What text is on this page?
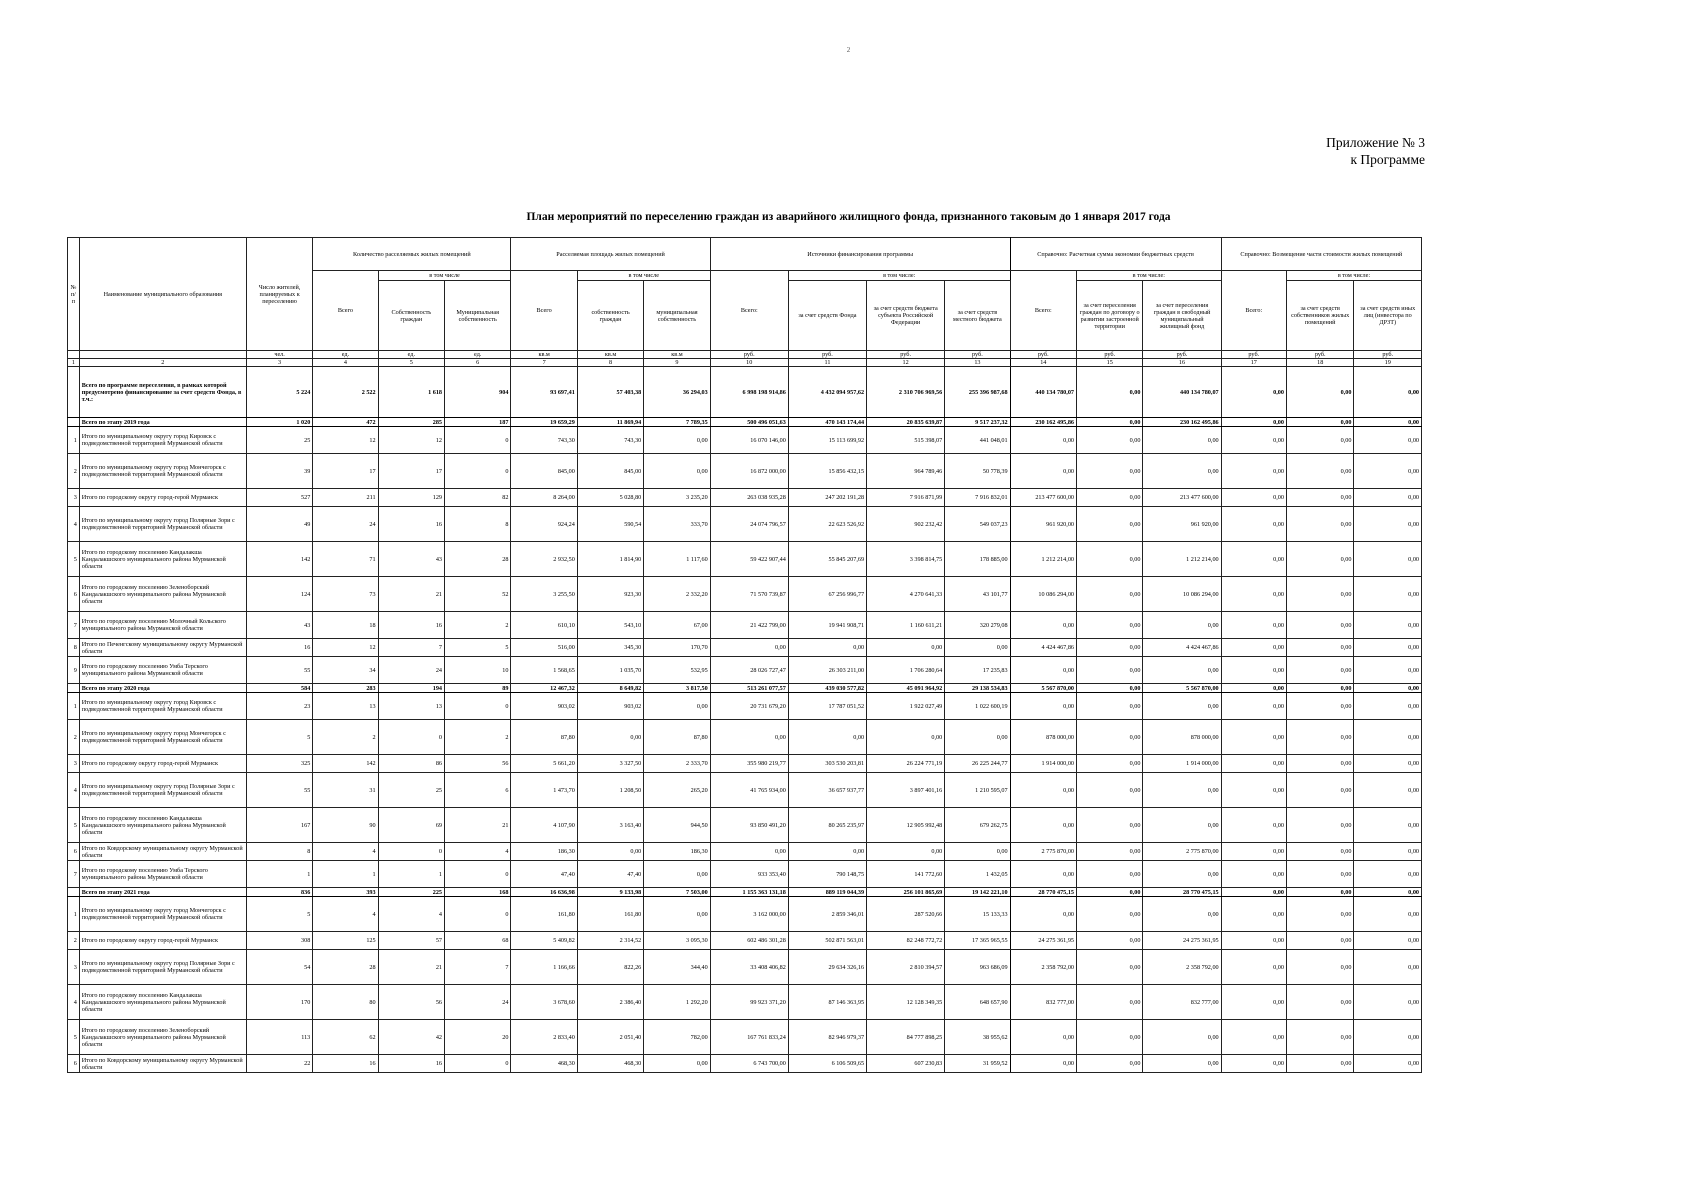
2
Приложение № 3
к Программе
План мероприятий по переселению граждан из аварийного жилищного фонда, признанного таковым до 1 января 2017 года
№ п/ п	Наименование муниципального образования	Число жителей, планируемых к переселению	Количество расселяемых жилых помещений			Расселяемая площадь жилых помещений			Источники финансирования программы				Справочно: Расчетная сумма экономии бюджетных средств			Справочно: Возмещение части стоимости жилых помещений		
			Всего	в том числе		Всего	в том числе		Всего:	в том числе:			Всего:	в том числе:		Всего:	в том числе:	
				Собственность граждан	Муниципальная собственность		собственность граждан	муниципальная собственность		за счет средств Фонда	за счет средств бюджета субъекта Российской Федерации	за счет средств местного бюджета		за счет переселения граждан по договору о развитии застроенной территории	за счет переселения граждан в свободный муниципальный жилищный фонд		за счет средств собственников жилых помещений	за счет средств иных лиц (инвестора по ДРЗТ)
		чел.	ед.	ед.	ед.	кв.м	кв.м	кв.м	руб.	руб.	руб.	руб.	руб.	руб.	руб.	руб.	руб.	руб.
1	2	3	4	5	6	7	8	9	10	11	12	13	14	15	16	17	18	19
	Всего по программе переселения, в рамках которой предусмотрено финансирование за счет средств Фонда, в т.ч.:	5 224	2 522	1 618	904	93 697,41	57 403,38	36 294,03	6 998 198 914,86	4 432 094 957,62	2 310 706 969,56	255 396 987,68	440 134 780,07	0,00	440 134 780,07	0,00	0,00	0,00
	Всего по этапу 2019 года	1 020	472	285	187	19 659,29	11 869,94	7 789,35	500 496 051,63	470 143 174,44	20 835 639,87	9 517 237,32	230 162 495,86	0,00	230 162 495,86	0,00	0,00	0,00
1	Итого по муниципальному округу город Кировск с подведомственной территорией Мурманской области	25	12	12	0	743,30	743,30	0,00	16 070 146,00	15 113 699,92	515 398,07	441 048,01	0,00	0,00	0,00	0,00	0,00	0,00
2	Итого по муниципальному округу город Мончегорск с подведомственной территорией Мурманской области	39	17	17	0	845,00	845,00	0,00	16 872 000,00	15 856 432,15	964 789,46	50 778,39	0,00	0,00	0,00	0,00	0,00	0,00
3	Итого по городскому округу город-герой Мурманск	527	211	129	82	8 264,00	5 028,80	3 235,20	263 038 935,28	247 202 191,28	7 916 871,99	7 916 832,01	213 477 600,00	0,00	213 477 600,00	0,00	0,00	0,00
4	Итого по муниципальному округу город Полярные Зори с подведомственной территорией Мурманской области	49	24	16	8	924,24	590,54	333,70	24 074 796,57	22 623 526,92	902 232,42	549 037,23	961 920,00	0,00	961 920,00	0,00	0,00	0,00
5	Итого по городскому поселению Кандалакша Кандалакшского муниципального района Мурманской области	142	71	43	28	2 932,50	1 814,90	1 117,60	59 422 907,44	55 845 207,69	3 398 814,75	178 885,00	1 212 214,00	0,00	1 212 214,00	0,00	0,00	0,00
6	Итого по городскому поселению Зеленоборский Кандалакшского муниципального района Мурманской области	124	73	21	52	3 255,50	923,30	2 332,20	71 570 739,87	67 256 996,77	4 270 641,33	43 101,77	10 086 294,00	0,00	10 086 294,00	0,00	0,00	0,00
7	Итого по городскому поселению Молочный Кольского муниципального района Мурманской области	43	18	16	2	610,10	543,10	67,00	21 422 799,00	19 941 908,71	1 160 611,21	320 279,08	0,00	0,00	0,00	0,00	0,00	0,00
8	Итого по Печенгскому муниципальному округу Мурманской области	16	12	7	5	516,00	345,30	170,70	0,00	0,00	0,00	0,00	4 424 467,86	0,00	4 424 467,86	0,00	0,00	0,00
9	Итого по городскому поселению Умба Терского муниципального района Мурманской области	55	34	24	10	1 568,65	1 035,70	532,95	28 026 727,47	26 303 211,00	1 706 280,64	17 235,83	0,00	0,00	0,00	0,00	0,00	0,00
	Всего по этапу 2020 года	584	283	194	89	12 467,32	8 649,82	3 817,50	513 261 077,57	439 030 577,82	45 091 964,92	29 138 534,83	5 567 870,00	0,00	5 567 870,00	0,00	0,00	0,00
1	Итого по муниципальному округу город Кировск с подведомственной территорией Мурманской области	23	13	13	0	903,02	903,02	0,00	20 731 679,20	17 787 051,52	1 922 027,49	1 022 600,19	0,00	0,00	0,00	0,00	0,00	0,00
2	Итого по муниципальному округу город Мончегорск с подведомственной территорией Мурманской области	5	2	0	2	87,80	0,00	87,80	0,00	0,00	0,00	0,00	878 000,00	0,00	878 000,00	0,00	0,00	0,00
3	Итого по городскому округу город-герой Мурманск	325	142	86	56	5 661,20	3 327,50	2 333,70	355 980 219,77	303 530 203,81	26 224 771,19	26 225 244,77	1 914 000,00	0,00	1 914 000,00	0,00	0,00	0,00
4	Итого по муниципальному округу город Полярные Зори с подведомственной территорией Мурманской области	55	31	25	6	1 473,70	1 208,50	265,20	41 765 934,00	36 657 937,77	3 897 401,16	1 210 595,07	0,00	0,00	0,00	0,00	0,00	0,00
5	Итого по городскому поселению Кандалакша Кандалакшского муниципального района Мурманской области	167	90	69	21	4 107,90	3 163,40	944,50	93 850 491,20	80 265 235,97	12 905 992,48	679 262,75	0,00	0,00	0,00	0,00	0,00	0,00
6	Итого по Ковдорскому муниципальному округу Мурманской области	8	4	0	4	186,30	0,00	186,30	0,00	0,00	0,00	0,00	2 775 870,00	0,00	2 775 870,00	0,00	0,00	0,00
7	Итого по городскому поселению Умба Терского муниципального района Мурманской области	1	1	1	0	47,40	47,40	0,00	933 353,40	790 148,75	141 772,60	1 432,05	0,00	0,00	0,00	0,00	0,00	0,00
	Всего по этапу 2021 года	836	393	225	168	16 636,98	9 133,98	7 503,00	1 155 363 131,18	889 119 044,39	256 101 865,69	19 142 221,10	28 770 475,15	0,00	28 770 475,15	0,00	0,00	0,00
1	Итого по муниципальному округу город Мончегорск с подведомственной территорией Мурманской области	5	4	4	0	161,80	161,80	0,00	3 162 000,00	2 859 346,01	287 520,66	15 133,33	0,00	0,00	0,00	0,00	0,00	0,00
2	Итого по городскому округу город-герой Мурманск	308	125	57	68	5 409,82	2 314,52	3 095,30	602 486 301,28	502 871 563,01	82 248 772,72	17 365 965,55	24 275 361,95	0,00	24 275 361,95	0,00	0,00	0,00
3	Итого по муниципальному округу город Полярные Зори с подведомственной территорией Мурманской области	54	28	21	7	1 166,66	822,26	344,40	33 408 406,82	29 634 326,16	2 810 394,57	963 686,09	2 358 792,00	0,00	2 358 792,00	0,00	0,00	0,00
4	Итого по городскому поселению Кандалакша Кандалакшского муниципального района Мурманской области	170	80	56	24	3 678,60	2 386,40	1 292,20	99 923 371,20	87 146 363,95	12 128 349,35	648 657,90	832 777,00	0,00	832 777,00	0,00	0,00	0,00
5	Итого по городскому поселению Зеленоборский Кандалакшского муниципального района Мурманской области	113	62	42	20	2 833,40	2 051,40	782,00	167 761 833,24	82 946 979,37	84 777 898,25	38 955,62	0,00	0,00	0,00	0,00	0,00	0,00
6	Итого по Ковдорскому муниципальному округу Мурманской области	22	16	16	0	468,30	468,30	0,00	6 743 700,00	6 106 509,65	607 230,83	31 959,52	0,00	0,00	0,00	0,00	0,00	0,00
